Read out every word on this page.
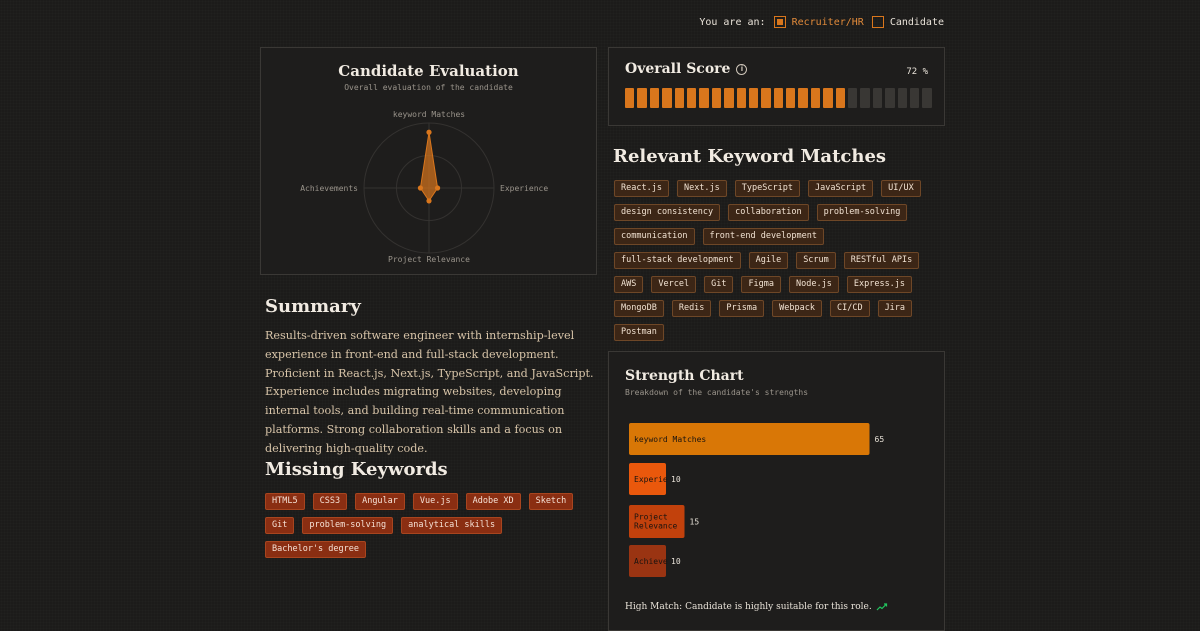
You are an:	Recruiter/HR	Candidate
Candidate Evaluation
Overall evaluation of the candidate
keyword Matches
Experience
Project Relevance
Achievements
Summary

Results-driven software engineer with internship-level experience in front-end and full-stack development. Proficient in React.js, Next.js, TypeScript, and JavaScript. Experience includes migrating websites, developing internal tools, and building real-time communication platforms. Strong collaboration skills and a focus on delivering high-quality code.

Missing Keywords
HTML5	CSS3	Angular	Vue.js	Adobe XD	Sketch
Git	problem-solving	analytical skills
Bachelor's degree
Overall Score	i	72 %
Relevant Keyword Matches
React.js	Next.js	TypeScript	JavaScript	UI/UX
design consistency	collaboration	problem-solving
communication	front-end development
full-stack development	Agile	Scrum	RESTful APIs
AWS	Vercel	Git	Figma	Node.js	Express.js
MongoDB	Redis	Prisma	Webpack	CI/CD	Jira
Postman
Strength Chart
Breakdown of the candidate's strengths
keyword Matches	65
Experie 10
Project Relevance 15
Achieve 10
High Match: Candidate is highly suitable for this role.
